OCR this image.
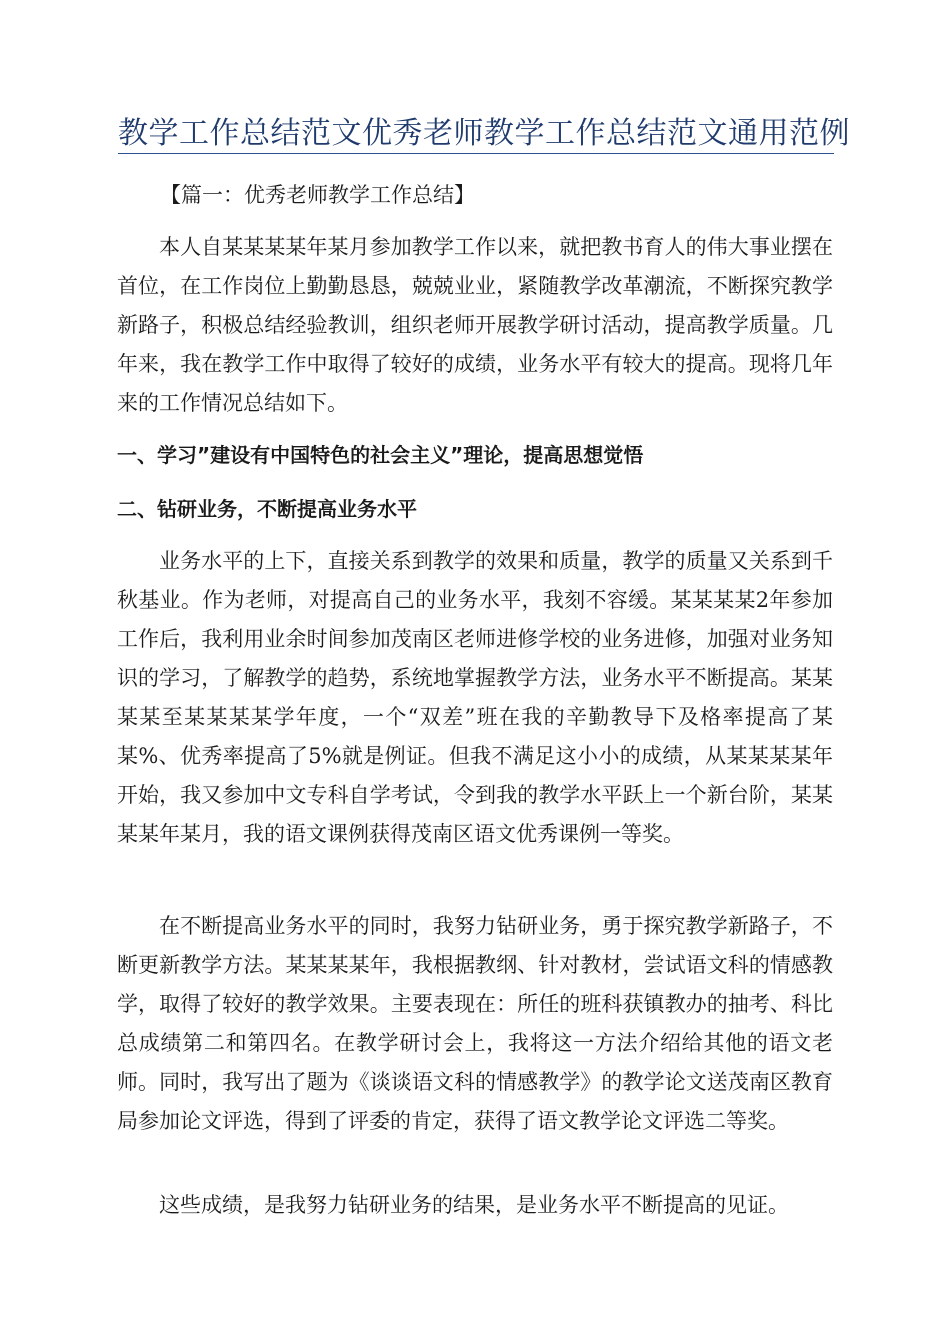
教学工作总结范文优秀老师教学工作总结范文通用范例
【篇一：优秀老师教学工作总结】
本人自某某某某年某月参加教学工作以来，就把教书育人的伟大事业摆在首位，在工作岗位上勤勤恳恳，兢兢业业，紧随教学改革潮流，不断探究教学新路子，积极总结经验教训，组织老师开展教学研讨活动，提高教学质量。几年来，我在教学工作中取得了较好的成绩，业务水平有较大的提高。现将几年来的工作情况总结如下。
一、学习”建设有中国特色的社会主义”理论，提高思想觉悟
二、钻研业务，不断提高业务水平
业务水平的上下，直接关系到教学的效果和质量，教学的质量又关系到千秋基业。作为老师，对提高自己的业务水平，我刻不容缓。某某某某2年参加工作后，我利用业余时间参加茂南区老师进修学校的业务进修，加强对业务知识的学习，了解教学的趋势，系统地掌握教学方法，业务水平不断提高。某某某某至某某某某学年度，一个“双差”班在我的辛勤教导下及格率提高了某某%、优秀率提高了5%就是例证。但我不满足这小小的成绩，从某某某某年开始，我又参加中文专科自学考试，令到我的教学水平跃上一个新台阶，某某某某年某月，我的语文课例获得茂南区语文优秀课例一等奖。
在不断提高业务水平的同时，我努力钻研业务，勇于探究教学新路子，不断更新教学方法。某某某某年，我根据教纲、针对教材，尝试语文科的情感教学，取得了较好的教学效果。主要表现在：所任的班科获镇教办的抽考、科比总成绩第二和第四名。在教学研讨会上，我将这一方法介绍给其他的语文老师。同时，我写出了题为《谈谈语文科的情感教学》的教学论文送茂南区教育局参加论文评选，得到了评委的肯定，获得了语文教学论文评选二等奖。
这些成绩，是我努力钻研业务的结果，是业务水平不断提高的见证。
